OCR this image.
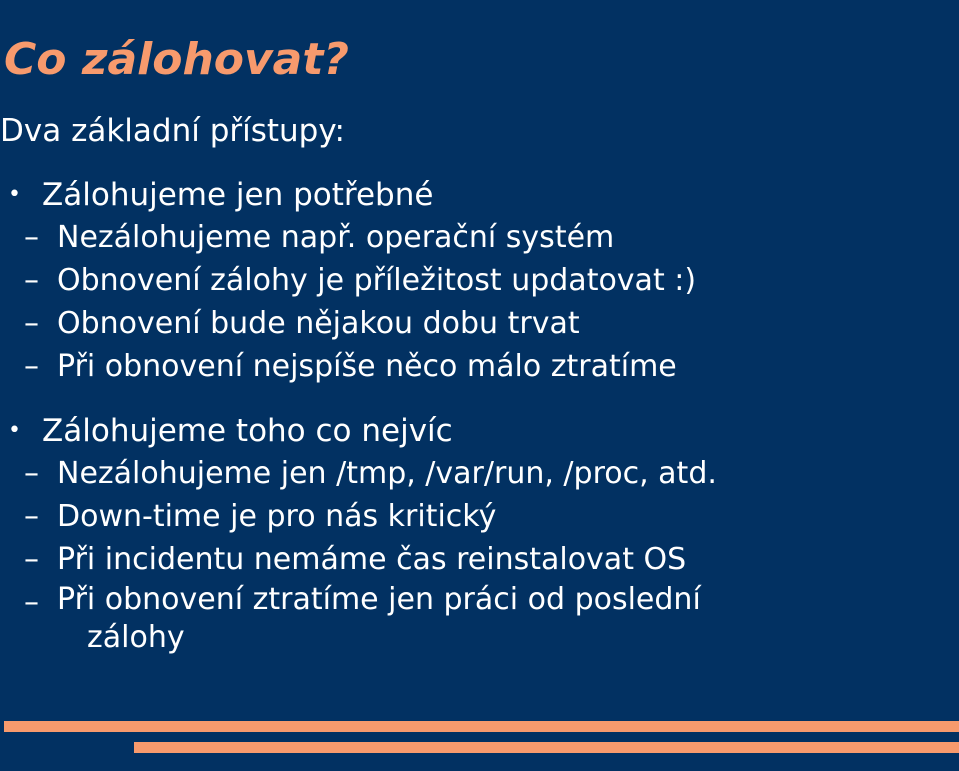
Co zálohovat?
Dva základní přístupy:
• Zálohujeme jen potřebné
– Nezálohujeme např. operační systém
– Obnovení zálohy je příležitost updatovat :)
– Obnovení bude nějakou dobu trvat
– Při obnovení nejspíše něco málo ztratíme
• Zálohujeme toho co nejvíc
– Nezálohujeme jen /tmp, /var/run, /proc, atd.
– Down-time je pro nás kritický
– Při incidentu nemáme čas reinstalovat OS
– Při obnovení ztratíme jen práci od poslední
zálohy
